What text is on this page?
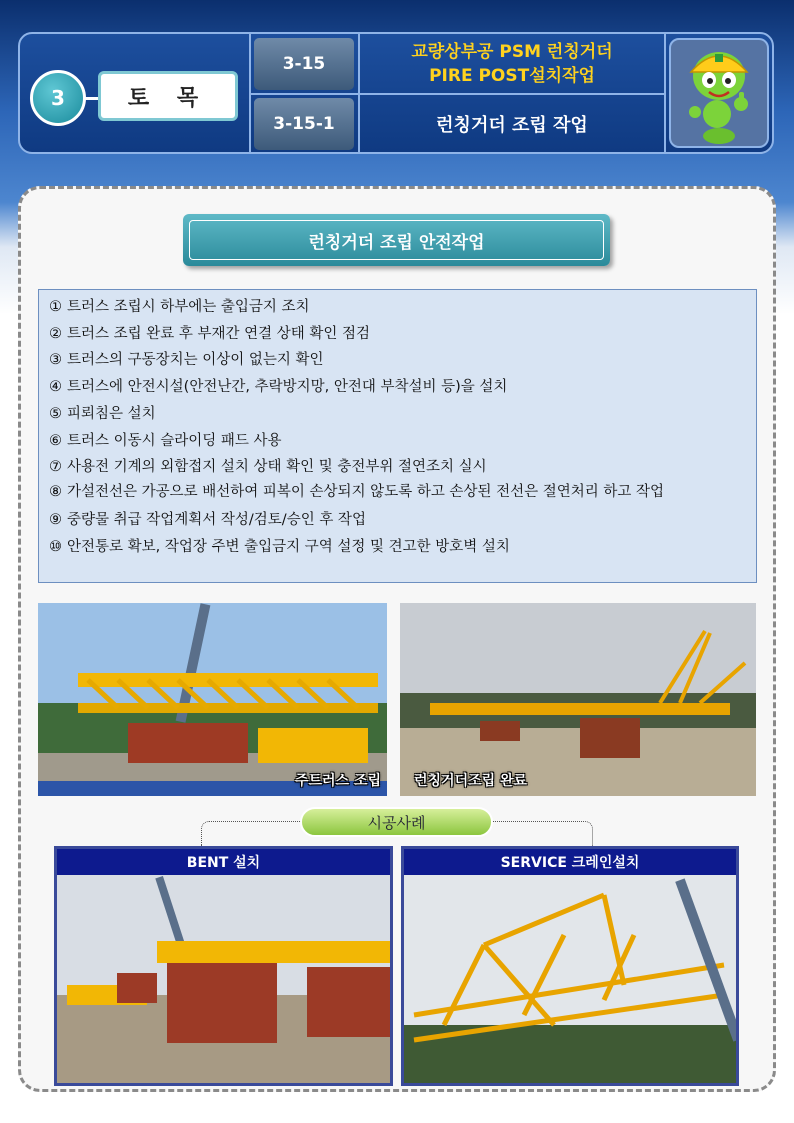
3	토 목
3-15
3-15-1
교량상부공 PSM 런칭거더
PIRE POST설치작업
런칭거더 조립 작업
런칭거더 조립 안전작업
① 트러스 조립시 하부에는 출입금지 조치
② 트러스 조립 완료 후 부재간 연결 상태 확인 점검
③ 트러스의 구동장치는 이상이 없는지 확인
④ 트러스에 안전시설(안전난간, 추락방지망, 안전대 부착설비 등)을 설치
⑤ 피뢰침은 설치
⑥ 트러스 이동시 슬라이딩 패드 사용
⑦ 사용전 기계의 외함접지 설치 상태 확인 및 충전부위 절연조치 실시
⑧ 가설전선은 가공으로 배선하여 피복이 손상되지 않도록 하고 손상된 전선은 절연처리 하고 작업
⑨ 중량물 취급 작업계획서 작성/검토/승인 후 작업
⑩ 안전통로 확보, 작업장 주변 출입금지 구역 설정 및 견고한 방호벽 설치
주트러스 조립 런칭거더조립 완료
시공사례
BENT 설치	SERVICE 크레인설치
